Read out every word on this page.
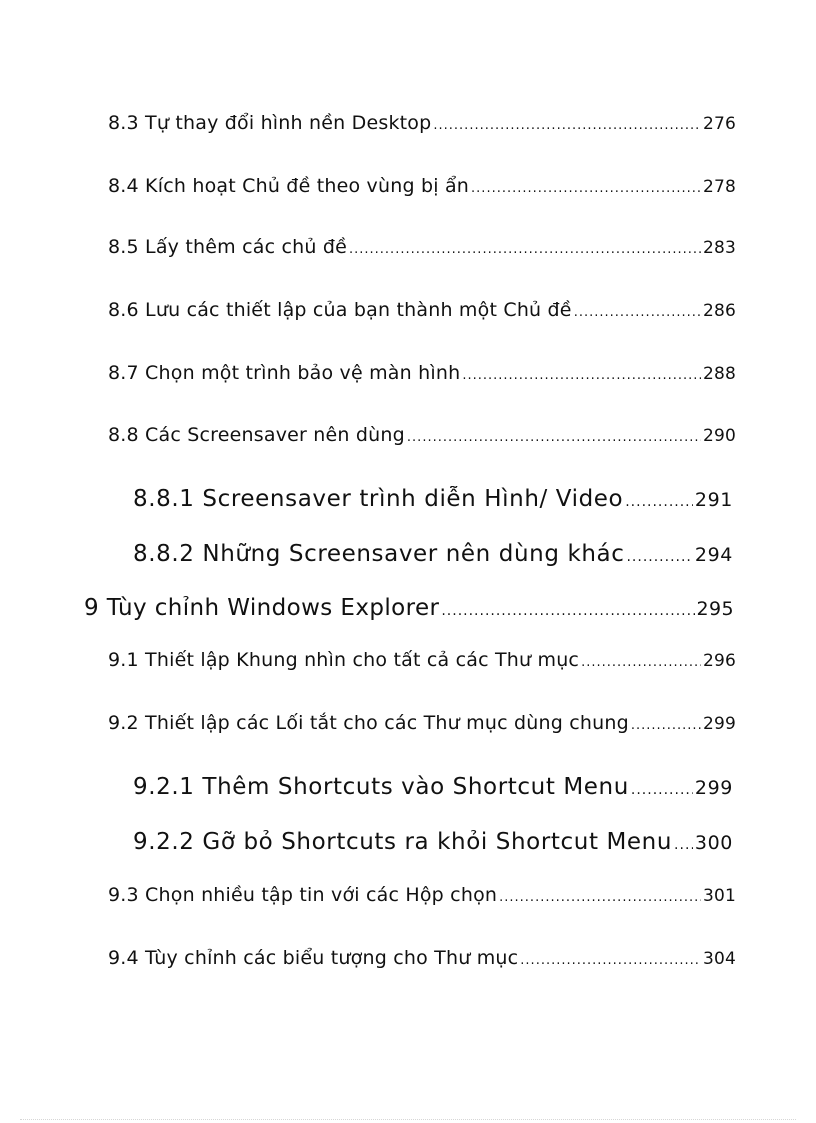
8.3 Tự thay đổi hình nền Desktop .....	276
8.4 Kích hoạt Chủ đề theo vùng bị ẩn .....	278
8.5 Lấy thêm các chủ đề .....	283
8.6 Lưu các thiết lập của bạn thành một Chủ đề .....	286
8.7 Chọn một trình bảo vệ màn hình .....	288
8.8 Các Screensaver nên dùng .....	290
8.8.1 Screensaver trình diễn Hình/ Video .....	291
8.8.2 Những Screensaver nên dùng khác .....	294
9 Tùy chỉnh Windows Explorer .....	295
9.1 Thiết lập Khung nhìn cho tất cả các Thư mục .....	296
9.2 Thiết lập các Lối tắt cho các Thư mục dùng chung .....	299
9.2.1 Thêm Shortcuts vào Shortcut Menu .....	299
9.2.2 Gỡ bỏ Shortcuts ra khỏi Shortcut Menu ..... 300
9.3 Chọn nhiều tập tin với các Hộp chọn .....	301
9.4 Tùy chỉnh các biểu tượng cho Thư mục .....	304
